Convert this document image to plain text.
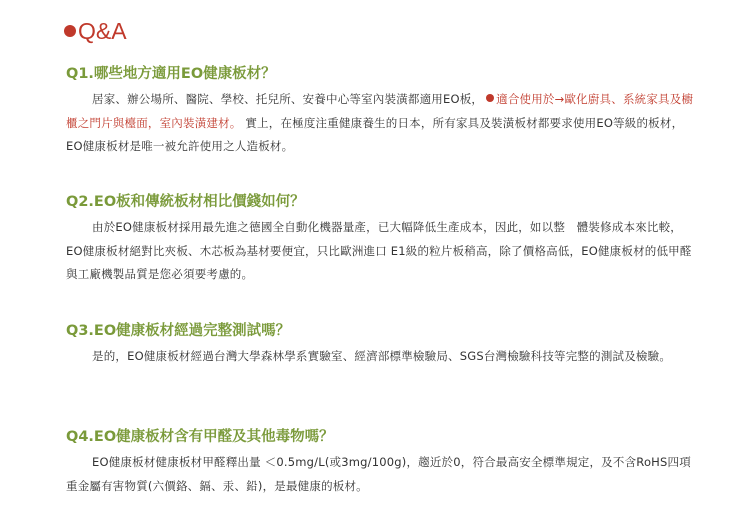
Q&A
Q1.哪些地方適用EO健康板材？

居家、辦公場所、醫院、學校、托兒所、安養中心等室內裝潢都適用EO板， 適合使用於→歐化廚具、系統家具及櫥櫃之門片與檯面，室內裝潢建材。 實上，在極度注重健康養生的日本，所有家具及裝潢板材都要求使用EO等級的板材，EO健康板材是唯一被允許使用之人造板材。

Q2.EO板和傳統板材相比價錢如何？

由於EO健康板材採用最先進之德國全自動化機器量產，已大幅降低生產成本，因此，如以整　體裝修成本來比較， EO健康板材絕對比夾板、木芯板為基材要便宜，只比歐洲進口 E1級的粒片板稍高，除了價格高低，EO健康板材的低甲醛與工廠機製品質是您必須要考慮的。

Q3.EO健康板材經過完整測試嗎？

是的，EO健康板材經過台灣大學森林學系實驗室、經濟部標準檢驗局、SGS台灣檢驗科技等完整的測試及檢驗。

Q4.EO健康板材含有甲醛及其他毒物嗎？

EO健康板材健康板材甲醛釋出量 ＜0.5mg/L(或3mg/100g)，趨近於0，符合最高安全標準規定，及不含RoHS四項重金屬有害物質(六價鉻、鎘、汞、鉛)，是最健康的板材。
